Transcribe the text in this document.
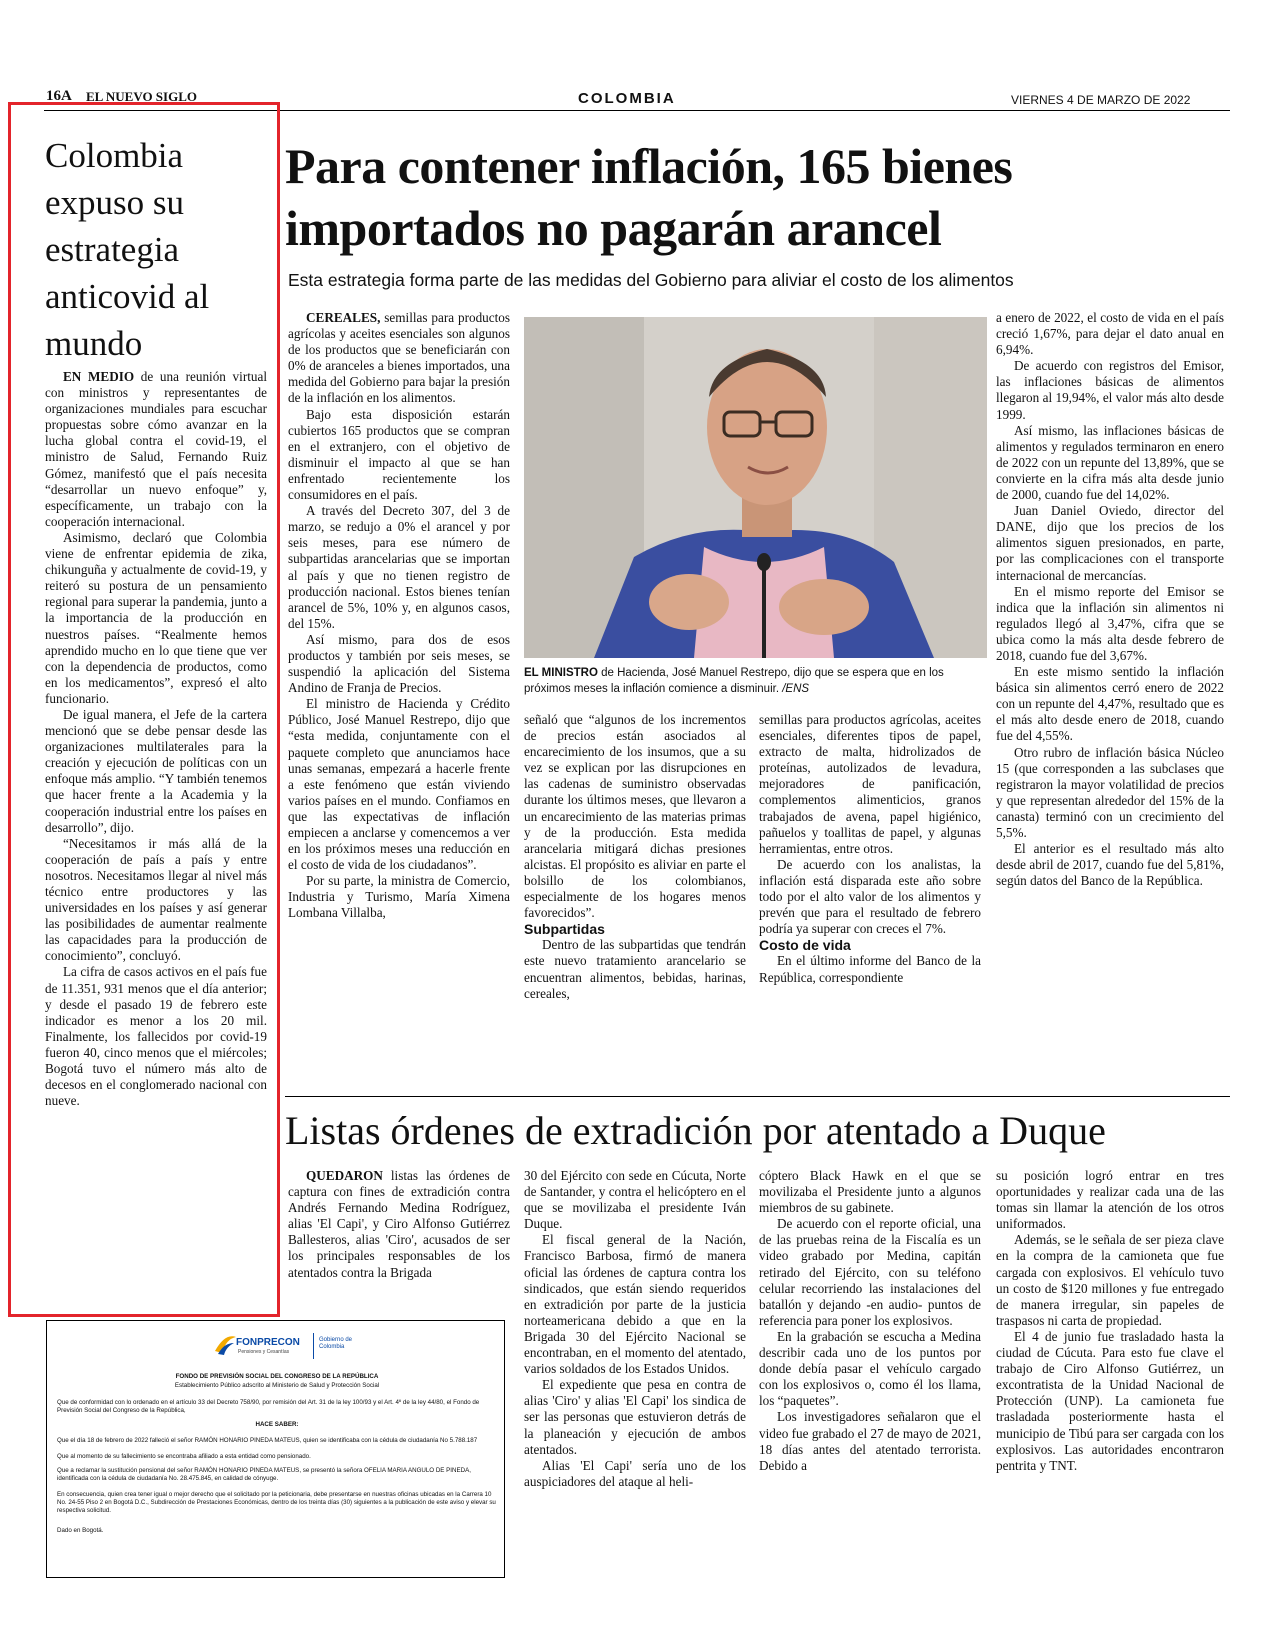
16A EL NUEVO SIGLO	COLOMBIA	VIERNES 4 DE MARZO DE 2022
Colombia expuso su estrategia anticovid al mundo

EN MEDIO de una reunión virtual con ministros y representantes de organizaciones mundiales para escuchar propuestas sobre cómo avanzar en la lucha global contra el covid-19, el ministro de Salud, Fernando Ruiz Gómez, manifestó que el país necesita “desarrollar un nuevo enfoque” y, específicamente, un trabajo con la cooperación internacional.

Asimismo, declaró que Colombia viene de enfrentar epidemia de zika, chikunguña y actualmente de covid-19, y reiteró su postura de un pensamiento regional para superar la pandemia, junto a la importancia de la producción en nuestros países. “Realmente hemos aprendido mucho en lo que tiene que ver con la dependencia de productos, como en los medicamentos”, expresó el alto funcionario.

De igual manera, el Jefe de la cartera mencionó que se debe pensar desde las organizaciones multilaterales para la creación y ejecución de políticas con un enfoque más amplio. “Y también tenemos que hacer frente a la Academia y la cooperación industrial entre los países en desarrollo”, dijo.

“Necesitamos ir más allá de la cooperación de país a país y entre nosotros. Necesitamos llegar al nivel más técnico entre productores y las universidades en los países y así generar las posibilidades de aumentar realmente las capacidades para la producción de conocimiento”, concluyó.

La cifra de casos activos en el país fue de 11.351, 931 menos que el día anterior; y desde el pasado 19 de febrero este indicador es menor a los 20 mil. Finalmente, los fallecidos por covid-19 fueron 40, cinco menos que el miércoles; Bogotá tuvo el número más alto de decesos en el conglomerado nacional con nueve.

Para contener inflación, 165 bienes importados no pagarán arancel
Esta estrategia forma parte de las medidas del Gobierno para aliviar el costo de los alimentos

CEREALES, semillas para productos agrícolas y aceites esenciales son algunos de los productos que se beneficiarán con 0% de aranceles a bienes importados, una medida del Gobierno para bajar la presión de la inflación en los alimentos.

Bajo esta disposición estarán cubiertos 165 productos que se compran en el extranjero, con el objetivo de disminuir el impacto al que se han enfrentado recientemente los consumidores en el país.

A través del Decreto 307, del 3 de marzo, se redujo a 0% el arancel y por seis meses, para ese número de subpartidas arancelarias que se importan al país y que no tienen registro de producción nacional. Estos bienes tenían arancel de 5%, 10% y, en algunos casos, del 15%.

Así mismo, para dos de esos productos y también por seis meses, se suspendió la aplicación del Sistema Andino de Franja de Precios.

El ministro de Hacienda y Crédito Público, José Manuel Restrepo, dijo que “esta medida, conjuntamente con el paquete completo que anunciamos hace unas semanas, empezará a hacerle frente a este fenómeno que están viviendo varios países en el mundo. Confiamos en que las expectativas de inflación empiecen a anclarse y comencemos a ver en los próximos meses una reducción en el costo de vida de los ciudadanos”.

Por su parte, la ministra de Comercio, Industria y Turismo, María Ximena Lombana Villalba,

EL MINISTRO de Hacienda, José Manuel Restrepo, dijo que se espera que en los próximos meses la inflación comience a disminuir. /ENS

señaló que “algunos de los incrementos de precios están asociados al encarecimiento de los insumos, que a su vez se explican por las disrupciones en las cadenas de suministro observadas durante los últimos meses, que llevaron a un encarecimiento de las materias primas y de la producción. Esta medida arancelaria mitigará dichas presiones alcistas. El propósito es aliviar en parte el bolsillo de los colombianos, especialmente de los hogares menos favorecidos”.

Subpartidas

Dentro de las subpartidas que tendrán este nuevo tratamiento arancelario se encuentran alimentos, bebidas, harinas, cereales,

semillas para productos agrícolas, aceites esenciales, diferentes tipos de papel, extracto de malta, hidrolizados de proteínas, autolizados de levadura, mejoradores de panificación, complementos alimenticios, granos trabajados de avena, papel higiénico, pañuelos y toallitas de papel, y algunas herramientas, entre otros.

De acuerdo con los analistas, la inflación está disparada este año sobre todo por el alto valor de los alimentos y prevén que para el resultado de febrero podría ya superar con creces el 7%.

Costo de vida

En el último informe del Banco de la República, correspondiente

a enero de 2022, el costo de vida en el país creció 1,67%, para dejar el dato anual en 6,94%.

De acuerdo con registros del Emisor, las inflaciones básicas de alimentos llegaron al 19,94%, el valor más alto desde 1999.

Así mismo, las inflaciones básicas de alimentos y regulados terminaron en enero de 2022 con un repunte del 13,89%, que se convierte en la cifra más alta desde junio de 2000, cuando fue del 14,02%.

Juan Daniel Oviedo, director del DANE, dijo que los precios de los alimentos siguen presionados, en parte, por las complicaciones con el transporte internacional de mercancías.

En el mismo reporte del Emisor se indica que la inflación sin alimentos ni regulados llegó al 3,47%, cifra que se ubica como la más alta desde febrero de 2018, cuando fue del 3,67%.

En este mismo sentido la inflación básica sin alimentos cerró enero de 2022 con un repunte del 4,47%, resultado que es el más alto desde enero de 2018, cuando fue del 4,55%.

Otro rubro de inflación básica Núcleo 15 (que corresponden a las subclases que registraron la mayor volatilidad de precios y que representan alrededor del 15% de la canasta) terminó con un crecimiento del 5,5%.

El anterior es el resultado más alto desde abril de 2017, cuando fue del 5,81%, según datos del Banco de la República.

Listas órdenes de extradición por atentado a Duque

QUEDARON listas las órdenes de captura con fines de extradición contra Andrés Fernando Medina Rodríguez, alias 'El Capi', y Ciro Alfonso Gutiérrez Ballesteros, alias 'Ciro', acusados de ser los principales responsables de los atentados contra la Brigada

30 del Ejército con sede en Cúcuta, Norte de Santander, y contra el helicóptero en el que se movilizaba el presidente Iván Duque.

El fiscal general de la Nación, Francisco Barbosa, firmó de manera oficial las órdenes de captura contra los sindicados, que están siendo requeridos en extradición por parte de la justicia norteamericana debido a que en la Brigada 30 del Ejército Nacional se encontraban, en el momento del atentado, varios soldados de los Estados Unidos.

El expediente que pesa en contra de alias 'Ciro' y alias 'El Capi' los sindica de ser las personas que estuvieron detrás de la planeación y ejecución de ambos atentados.

Alias 'El Capi' sería uno de los auspiciadores del ataque al heli-

cóptero Black Hawk en el que se movilizaba el Presidente junto a algunos miembros de su gabinete.

De acuerdo con el reporte oficial, una de las pruebas reina de la Fiscalía es un video grabado por Medina, capitán retirado del Ejército, con su teléfono celular recorriendo las instalaciones del batallón y dejando -en audio- puntos de referencia para poner los explosivos.

En la grabación se escucha a Medina describir cada uno de los puntos por donde debía pasar el vehículo cargado con los explosivos o, como él los llama, los “paquetes”.

Los investigadores señalaron que el video fue grabado el 27 de mayo de 2021, 18 días antes del atentado terrorista. Debido a

su posición logró entrar en tres oportunidades y realizar cada una de las tomas sin llamar la atención de los otros uniformados.

Además, se le señala de ser pieza clave en la compra de la camioneta que fue cargada con explosivos. El vehículo tuvo un costo de $120 millones y fue entregado de manera irregular, sin papeles de traspasos ni carta de propiedad.

El 4 de junio fue trasladado hasta la ciudad de Cúcuta. Para esto fue clave el trabajo de Ciro Alfonso Gutiérrez, un excontratista de la Unidad Nacional de Protección (UNP). La camioneta fue trasladada posteriormente hasta el municipio de Tibú para ser cargada con los explosivos. Las autoridades encontraron pentrita y TNT.

FONPRECON
Pensiones y Cesantías
Gobierno de Colombia
FONDO DE PREVISIÓN SOCIAL DEL CONGRESO DE LA REPÚBLICA
Establecimiento Público adscrito al Ministerio de Salud y Protección Social
Que de conformidad con lo ordenado en el artículo 33 del Decreto 758/90, por remisión del Art. 31 de la ley 100/93 y el Art. 4º de la ley 44/80, el Fondo de Previsión Social del Congreso de la República,
HACE SABER:
Que el día 18 de febrero de 2022 falleció el señor RAMÓN HONARIO PINEDA MATEUS, quien se identificaba con la cédula de ciudadanía No 5.788.187
Que al momento de su fallecimiento se encontraba afiliado a esta entidad como pensionado.
Que a reclamar la sustitución pensional del señor RAMÓN HONARIO PINEDA MATEUS, se presentó la señora OFELIA MARIA ANGULO DE PINEDA, identificada con la cédula de ciudadanía No. 28.475.845, en calidad de cónyuge.
En consecuencia, quien crea tener igual o mejor derecho que el solicitado por la peticionaria, debe presentarse en nuestras oficinas ubicadas en la Carrera 10 No. 24-55 Piso 2 en Bogotá D.C., Subdirección de Prestaciones Económicas, dentro de los treinta días (30) siguientes a la publicación de este aviso y elevar su respectiva solicitud.
Dado en Bogotá.
